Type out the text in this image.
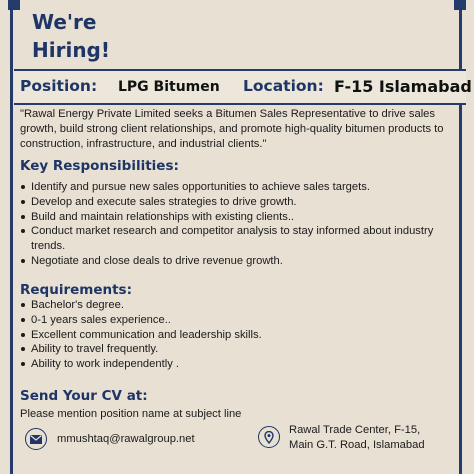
We're
Hiring!
Position: LPG Bitumen Location: F-15 Islamabad
"Rawal Energy Private Limited seeks a Bitumen Sales Representative to drive sales growth, build strong client relationships, and promote high-quality bitumen products to construction, infrastructure, and industrial clients."
Key Responsibilities:
Identify and pursue new sales opportunities to achieve sales targets.
Develop and execute sales strategies to drive growth.
Build and maintain relationships with existing clients..
Conduct market research and competitor analysis to stay informed about industry trends.
Negotiate and close deals to drive revenue growth.
Requirements:
Bachelor's degree.
0-1 years sales experience..
Excellent communication and leadership skills.
Ability to travel frequently.
Ability to work independently .
Send Your CV at:
Please mention position name at subject line
mmushtaq@rawalgroup.net
Rawal Trade Center, F-15,
Main G.T. Road, Islamabad
